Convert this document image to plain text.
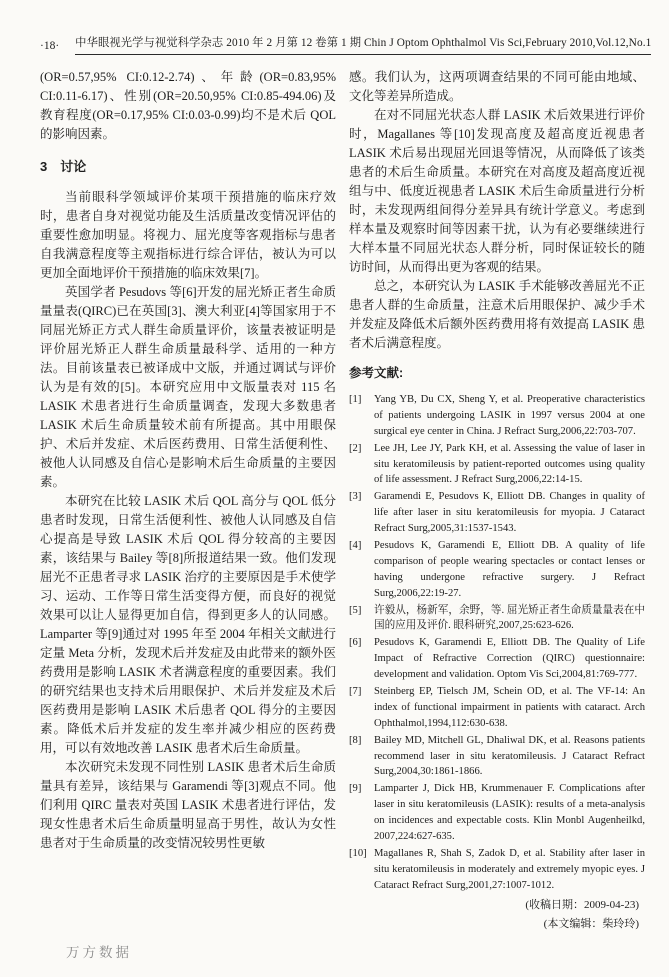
·18· 中华眼视光学与视觉科学杂志 2010 年 2 月第 12 卷第 1 期 Chin J Optom Ophthalmol Vis Sci,February 2010,Vol.12,No.1

(OR=0.57,95% CI:0.12-2.74)、年龄(OR=0.83,95% CI:0.11-6.17)、性别(OR=20.50,95% CI:0.85-494.06)及教育程度(OR=0.17,95% CI:0.03-0.99)均不是术后 QOL 的影响因素。

3　讨论

当前眼科学领域评价某项干预措施的临床疗效时，患者自身对视觉功能及生活质量改变情况评估的重要性愈加明显。将视力、屈光度等客观指标与患者自我满意程度等主观指标进行综合评估，被认为可以更加全面地评价干预措施的临床效果[7]。

英国学者 Pesudovs 等[6]开发的屈光矫正者生命质量量表(QIRC)已在英国[3]、澳大利亚[4]等国家用于不同屈光矫正方式人群生命质量评价，该量表被证明是评价屈光矫正人群生命质量最科学、适用的一种方法。目前该量表已被译成中文版，并通过调试与评价认为是有效的[5]。本研究应用中文版量表对 115 名 LASIK 术患者进行生命质量调查，发现大多数患者 LASIK 术后生命质量较术前有所提高。其中用眼保护、术后并发症、术后医药费用、日常生活便利性、被他人认同感及自信心是影响术后生命质量的主要因素。

本研究在比较 LASIK 术后 QOL 高分与 QOL 低分患者时发现，日常生活便利性、被他人认同感及自信心提高是导致 LASIK 术后 QOL 得分较高的主要因素，该结果与 Bailey 等[8]所报道结果一致。他们发现屈光不正患者寻求 LASIK 治疗的主要原因是手术使学习、运动、工作等日常生活变得方便，而良好的视觉效果可以让人显得更加自信，得到更多人的认同感。Lamparter 等[9]通过对 1995 年至 2004 年相关文献进行定量 Meta 分析，发现术后并发症及由此带来的额外医药费用是影响 LASIK 术者满意程度的重要因素。我们的研究结果也支持术后用眼保护、术后并发症及术后医药费用是影响 LASIK 术后患者 QOL 得分的主要因素。降低术后并发症的发生率并减少相应的医药费用，可以有效地改善 LASIK 患者术后生命质量。

本次研究未发现不同性别 LASIK 患者术后生命质量具有差异，该结果与 Garamendi 等[3]观点不同。他们利用 QIRC 量表对英国 LASIK 术患者进行评估，发现女性患者术后生命质量明显高于男性，故认为女性患者对于生命质量的改变情况较男性更敏

感。我们认为，这两项调查结果的不同可能由地域、文化等差异所造成。

在对不同屈光状态人群 LASIK 术后效果进行评价时，Magallanes 等[10]发现高度及超高度近视患者 LASIK 术后易出现屈光回退等情况，从而降低了该类患者的术后生命质量。本研究在对高度及超高度近视组与中、低度近视患者 LASIK 术后生命质量进行分析时，未发现两组间得分差异具有统计学意义。考虑到样本量及观察时间等因素干扰，认为有必要继续进行大样本量不同屈光状态人群分析，同时保证较长的随访时间，从而得出更为客观的结果。

总之，本研究认为 LASIK 手术能够改善屈光不正患者人群的生命质量，注意术后用眼保护、减少手术并发症及降低术后额外医药费用将有效提高 LASIK 患者术后满意程度。

参考文献:
[1]	Yang YB, Du CX, Sheng Y, et al. Preoperative characteristics of patients undergoing LASIK in 1997 versus 2004 at one surgical eye center in China. J Refract Surg,2006,22:703-707.
[2]	Lee JH, Lee JY, Park KH, et al. Assessing the value of laser in situ keratomileusis by patient-reported outcomes using quality of life assessment. J Refract Surg,2006,22:14-15.
[3]	Garamendi E, Pesudovs K, Elliott DB. Changes in quality of life after laser in situ keratomileusis for myopia. J Cataract Refract Surg,2005,31:1537-1543.
[4]	Pesudovs K, Garamendi E, Elliott DB. A quality of life comparison of people wearing spectacles or contact lenses or having undergone refractive surgery. J Refract Surg,2006,22:19-27.
[5]	许毅从，杨新军，余野，等. 屈光矫正者生命质量量表在中国的应用及评价. 眼科研究,2007,25:623-626.
[6]	Pesudovs K, Garamendi E, Elliott DB. The Quality of Life Impact of Refractive Correction (QIRC) questionnaire: development and validation. Optom Vis Sci,2004,81:769-777.
[7]	Steinberg EP, Tielsch JM, Schein OD, et al. The VF-14: An index of functional impairment in patients with cataract. Arch Ophthalmol,1994,112:630-638.
[8]	Bailey MD, Mitchell GL, Dhaliwal DK, et al. Reasons patients recommend laser in situ keratomileusis. J Cataract Refract Surg,2004,30:1861-1866.
[9]	Lamparter J, Dick HB, Krummenauer F. Complications after laser in situ keratomileusis (LASIK): results of a meta-analysis on incidences and expectable costs. Klin Monbl Augenheilkd, 2007,224:627-635.
[10] Magallanes R, Shah S, Zadok D, et al. Stability after laser in situ keratomileusis in moderately and extremely myopic eyes. J Cataract Refract Surg,2001,27:1007-1012.

(收稿日期：2009-04-23)

(本文编辑：柴玲玲)

万方数据
